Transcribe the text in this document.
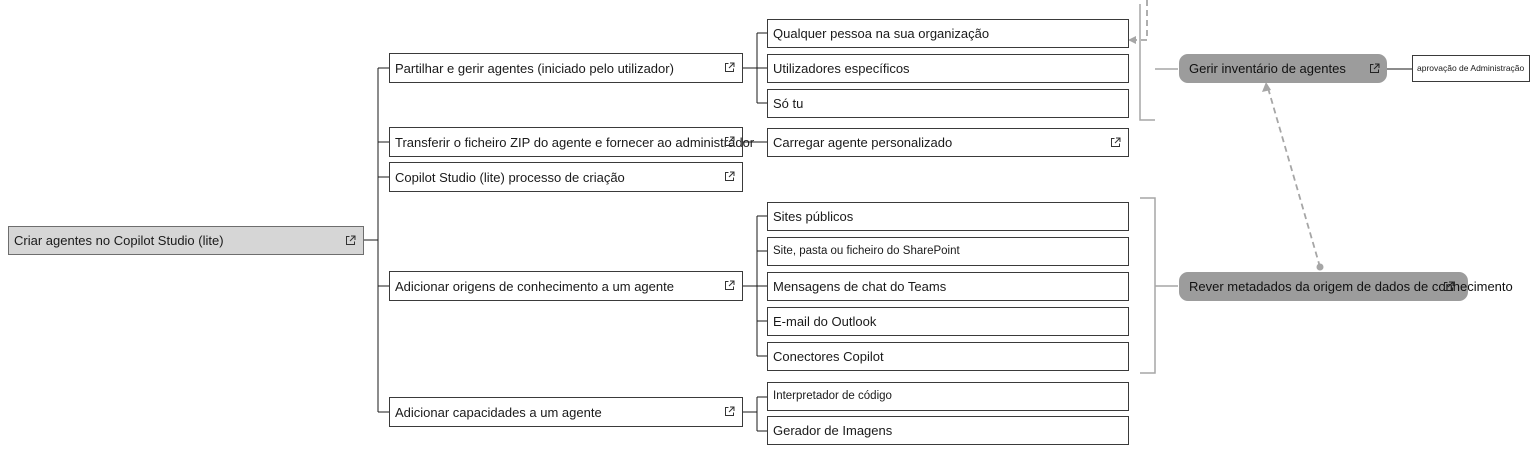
Criar agentes no Copilot Studio (lite)
Partilhar e gerir agentes (iniciado pelo utilizador)
Transferir o ficheiro ZIP do agente e fornecer ao administrador
Copilot Studio (lite) processo de criação
Adicionar origens de conhecimento a um agente
Adicionar capacidades a um agente
Qualquer pessoa na sua organização
Utilizadores específicos
Só tu
Carregar agente personalizado
Sites públicos
Site, pasta ou ficheiro do SharePoint
Mensagens de chat do Teams
E-mail do Outlook
Conectores Copilot
Interpretador de código
Gerador de Imagens
Gerir inventário de agentes	aprovação de Administração
Rever metadados da origem de dados de conhecimento
